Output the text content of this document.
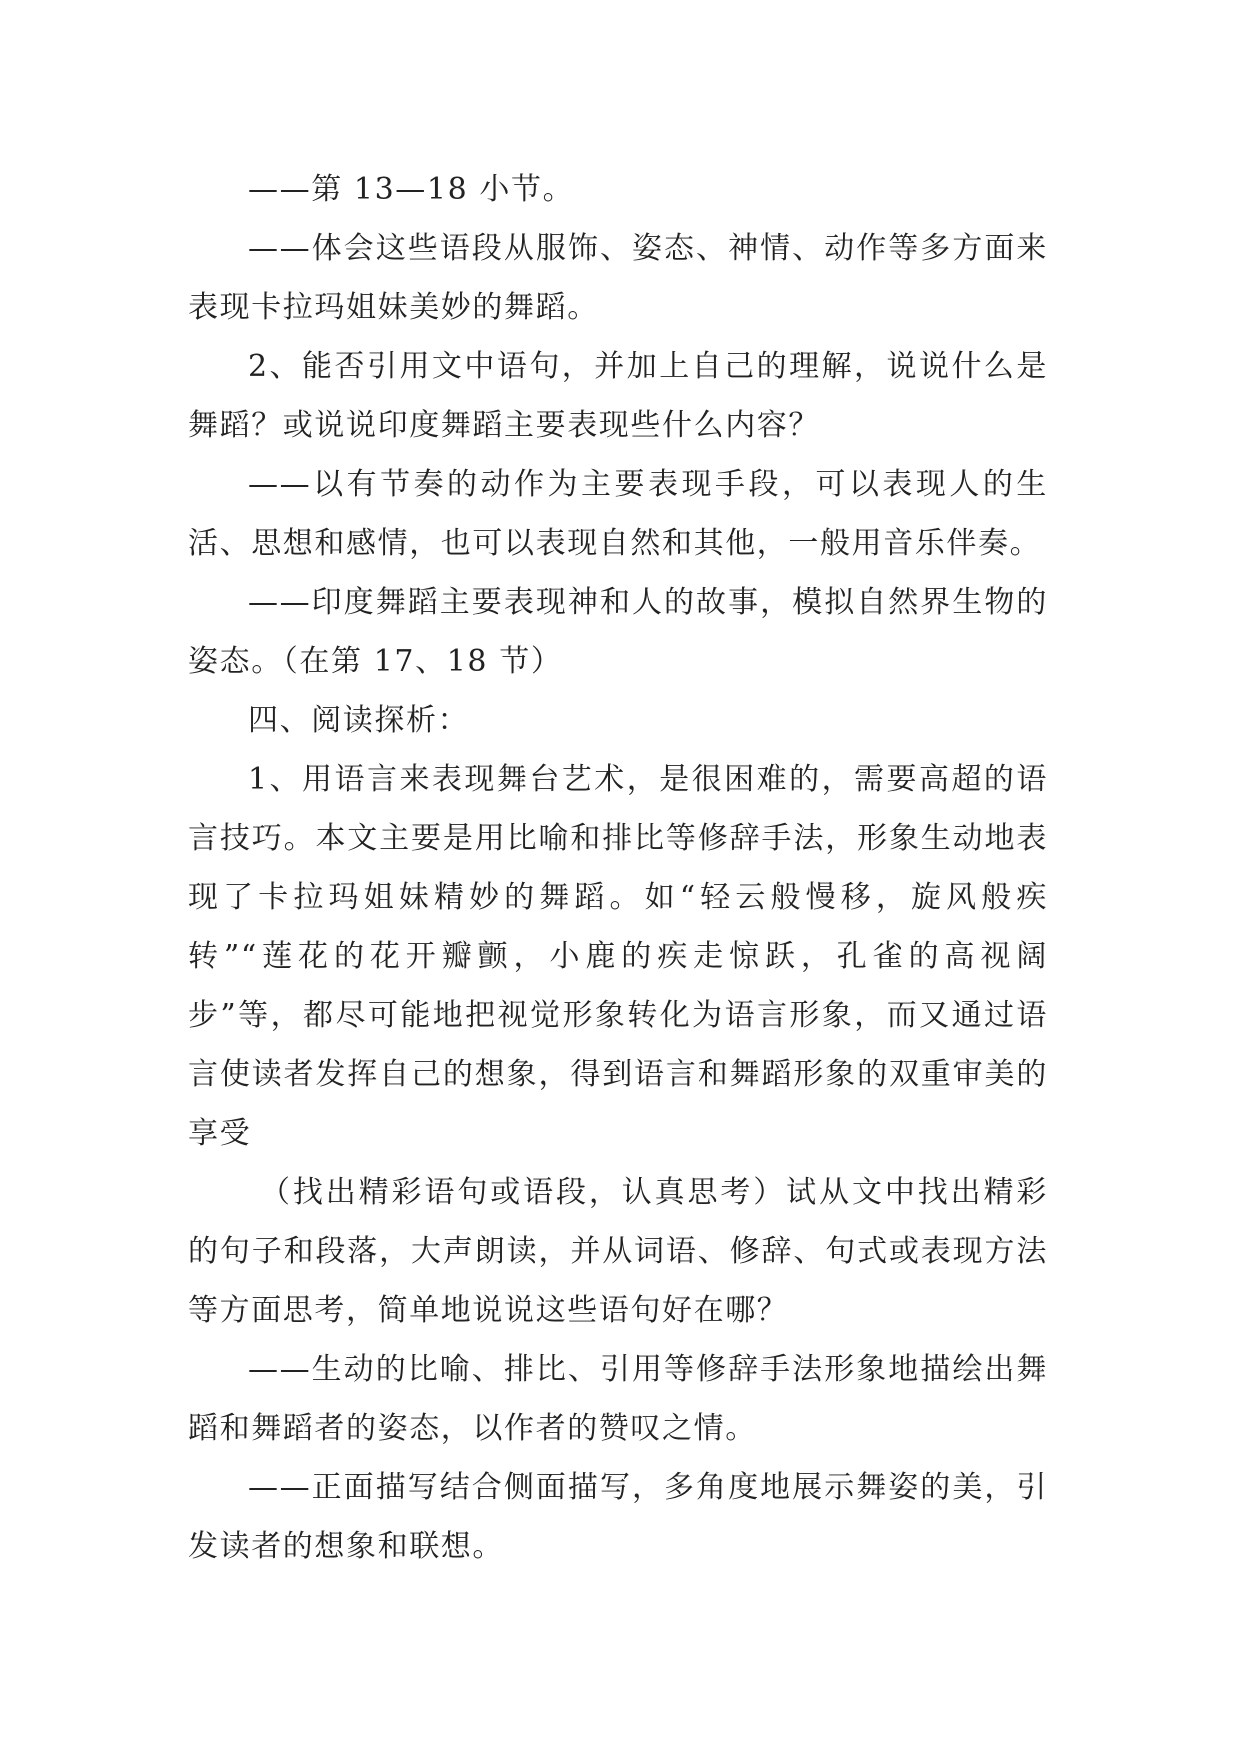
——第 13—18 小节。

——体会这些语段从服饰、姿态、神情、动作等多方面来表现卡拉玛姐妹美妙的舞蹈。

2、能否引用文中语句，并加上自己的理解，说说什么是舞蹈？或说说印度舞蹈主要表现些什么内容？

——以有节奏的动作为主要表现手段，可以表现人的生活、思想和感情，也可以表现自然和其他，一般用音乐伴奏。

——印度舞蹈主要表现神和人的故事，模拟自然界生物的姿态。（在第 17、18 节）

四、阅读探析：

1、用语言来表现舞台艺术，是很困难的，需要高超的语言技巧。本文主要是用比喻和排比等修辞手法，形象生动地表现了卡拉玛姐妹精妙的舞蹈。如“轻云般慢移，旋风般疾转”“莲花的花开瓣颤，小鹿的疾走惊跃，孔雀的高视阔步”等，都尽可能地把视觉形象转化为语言形象，而又通过语言使读者发挥自己的想象，得到语言和舞蹈形象的双重审美的享受

（找出精彩语句或语段，认真思考）试从文中找出精彩的句子和段落，大声朗读，并从词语、修辞、句式或表现方法等方面思考，简单地说说这些语句好在哪？

——生动的比喻、排比、引用等修辞手法形象地描绘出舞蹈和舞蹈者的姿态，以作者的赞叹之情。

——正面描写结合侧面描写，多角度地展示舞姿的美，引发读者的想象和联想。
